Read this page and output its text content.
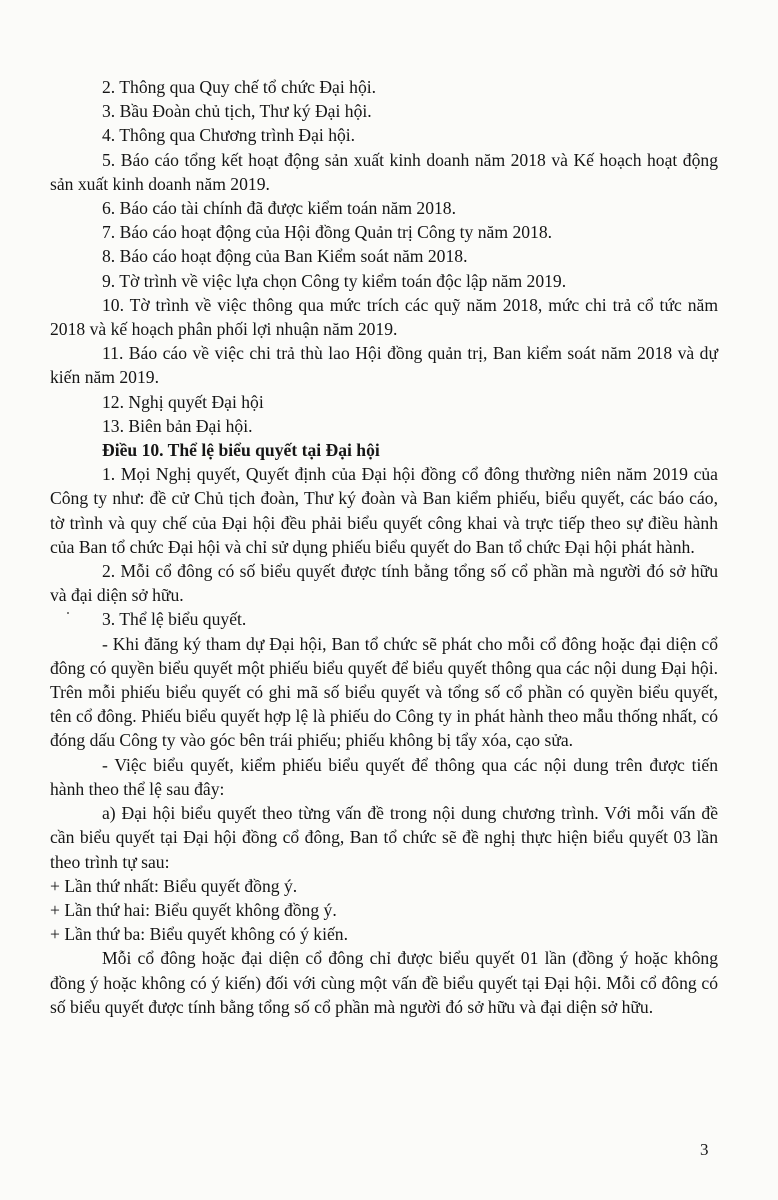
2. Thông qua Quy chế tổ chức Đại hội.

3. Bầu Đoàn chủ tịch, Thư ký Đại hội.

4. Thông qua Chương trình Đại hội.

5. Báo cáo tổng kết hoạt động sản xuất kinh doanh năm 2018 và Kế hoạch hoạt động sản xuất kinh doanh năm 2019.

6. Báo cáo tài chính đã được kiểm toán năm 2018.

7. Báo cáo hoạt động của Hội đồng Quản trị Công ty năm 2018.

8. Báo cáo hoạt động của Ban Kiểm soát năm 2018.

9. Tờ trình về việc lựa chọn Công ty kiểm toán độc lập năm 2019.

10. Tờ trình về việc thông qua mức trích các quỹ năm 2018, mức chi trả cổ tức năm 2018 và kế hoạch phân phối lợi nhuận năm 2019.

11. Báo cáo về việc chi trả thù lao Hội đồng quản trị, Ban kiểm soát năm 2018 và dự kiến năm 2019.

12. Nghị quyết Đại hội

13. Biên bản Đại hội.

Điều 10. Thể lệ biểu quyết tại Đại hội

1. Mọi Nghị quyết, Quyết định của Đại hội đồng cổ đông thường niên năm 2019 của Công ty như: đề cử Chủ tịch đoàn, Thư ký đoàn và Ban kiểm phiếu, biểu quyết, các báo cáo, tờ trình và quy chế của Đại hội đều phải biểu quyết công khai và trực tiếp theo sự điều hành của Ban tổ chức Đại hội và chỉ sử dụng phiếu biểu quyết do Ban tổ chức Đại hội phát hành.

2. Mỗi cổ đông có số biểu quyết được tính bằng tổng số cổ phần mà người đó sở hữu và đại diện sở hữu.

3. Thể lệ biểu quyết.

- Khi đăng ký tham dự Đại hội, Ban tổ chức sẽ phát cho mỗi cổ đông hoặc đại diện cổ đông có quyền biểu quyết một phiếu biểu quyết để biểu quyết thông qua các nội dung Đại hội. Trên mỗi phiếu biểu quyết có ghi mã số biểu quyết và tổng số cổ phần có quyền biểu quyết, tên cổ đông. Phiếu biểu quyết hợp lệ là phiếu do Công ty in phát hành theo mẫu thống nhất, có đóng dấu Công ty vào góc bên trái phiếu; phiếu không bị tẩy xóa, cạo sửa.

- Việc biểu quyết, kiểm phiếu biểu quyết để thông qua các nội dung trên được tiến hành theo thể lệ sau đây:

a) Đại hội biểu quyết theo từng vấn đề trong nội dung chương trình. Với mỗi vấn đề cần biểu quyết tại Đại hội đồng cổ đông, Ban tổ chức sẽ đề nghị thực hiện biểu quyết 03 lần theo trình tự sau:

+ Lần thứ nhất: Biểu quyết đồng ý.

+ Lần thứ hai: Biểu quyết không đồng ý.

+ Lần thứ ba: Biểu quyết không có ý kiến.

Mỗi cổ đông hoặc đại diện cổ đông chỉ được biểu quyết 01 lần (đồng ý hoặc không đồng ý hoặc không có ý kiến) đối với cùng một vấn đề biểu quyết tại Đại hội. Mỗi cổ đông có số biểu quyết được tính bằng tổng số cổ phần mà người đó sở hữu và đại diện sở hữu.

3
